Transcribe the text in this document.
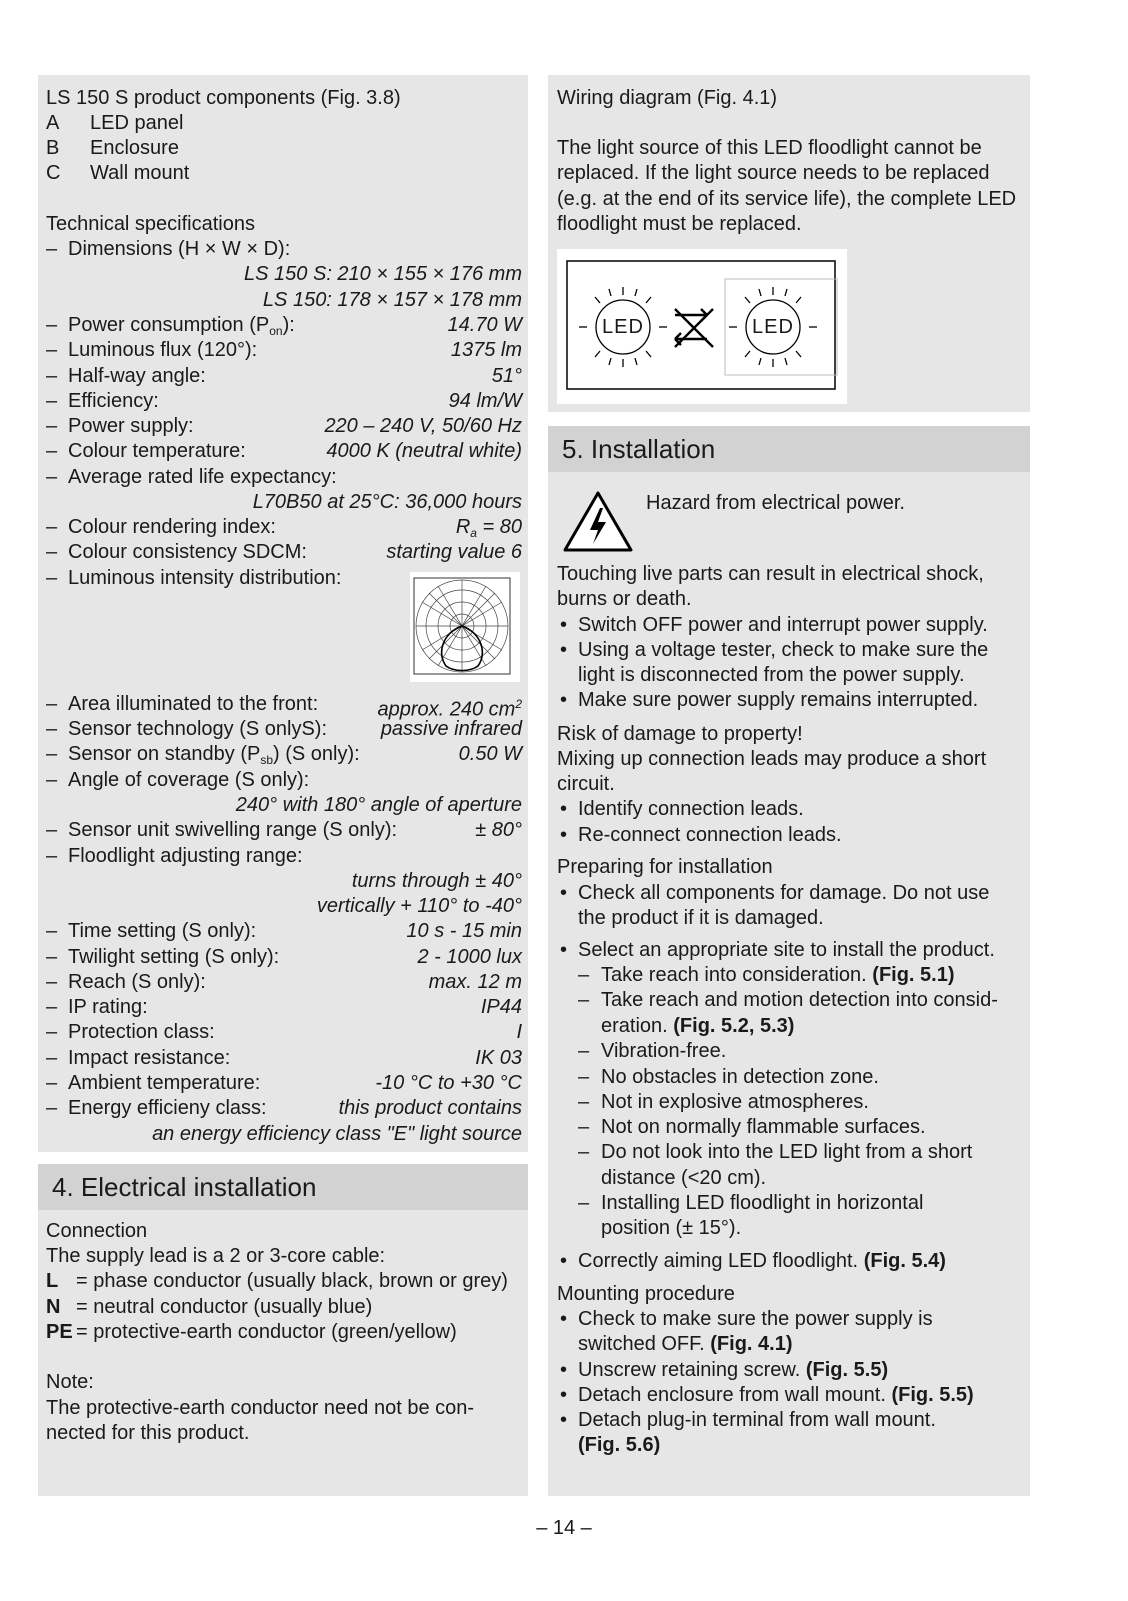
4. Electrical installation
LS 150 S product components (Fig. 3.8)
A LED panel
B Enclosure
C Wall mount
Technical specifications
– Dimensions (H × W × D):
LS 150 S: 210 × 155 × 176 mm
LS 150: 178 × 157 × 178 mm
– Power consumption $(P_{on})$:	14.70 W
– Luminous flux (120°):	1375 lm
– Half-way angle:	51°
– Efficiency:	94 lm/W
– Power supply:	220 – 240 V, 50/60 Hz
– Colour temperature:	4000 K (neutral white)
– Average rated life expectancy:
L70B50 at 25°C: 36,000 hours
– Colour rendering index:	$R_a = 80$
– Colour consistency SDCM:	starting value 6
– Luminous intensity distribution:
– Area illuminated to the front:	approx. 240 $cm^2$
– Sensor technology (S onlyS):	passive infrared
– Sensor on standby $(P_{sb})$ (S only):	0.50 W
– Angle of coverage (S only):
240° with 180° angle of aperture
– Sensor unit swivelling range (S only):	± 80°
– Floodlight adjusting range:
turns through ± 40°
vertically + 110° to -40°
– Time setting (S only):	10 s - 15 min
– Twilight setting (S only):	2 - 1000 lux
– Reach (S only):	max. 12 m
– IP rating:	IP44
– Protection class:	I
– Impact resistance:	IK 03
– Ambient temperature:	-10 °C to +30 °C
– Energy efficieny class:	this product contains
an energy efficiency class "E" light source
Connection
The supply lead is a 2 or 3-core cable:
L = phase conductor (usually black, brown or grey)
N = neutral conductor (usually blue)
PE = protective-earth conductor (green/yellow)
Note:
The protective-earth conductor need not be con-
nected for this product.
5. Installation
Wiring diagram (Fig. 4.1)
The light source of this LED floodlight cannot be
replaced. If the light source needs to be replaced
(e.g. at the end of its service life), the complete LED
floodlight must be replaced.
LED	LED
Hazard from electrical power.
Touching live parts can result in electrical shock,
burns or death.
• Switch OFF power and interrupt power supply.
• Using a voltage tester, check to make sure the
light is disconnected from the power supply.
• Make sure power supply remains interrupted.
Risk of damage to property!
Mixing up connection leads may produce a short
circuit.
• Identify connection leads.
• Re-connect connection leads.
Preparing for installation
• Check all components for damage. Do not use
the product if it is damaged.
• Select an appropriate site to install the product.
– Take reach into consideration. (Fig. 5.1)
– Take reach and motion detection into consid-
eration. (Fig. 5.2, 5.3)
– Vibration-free.
– No obstacles in detection zone.
– Not in explosive atmospheres.
– Not on normally flammable surfaces.
– Do not look into the LED light from a short
distance (<20 cm).
– Installing LED floodlight in horizontal
position (± 15°).
• Correctly aiming LED floodlight. (Fig. 5.4)
Mounting procedure
• Check to make sure the power supply is
switched OFF. (Fig. 4.1)
• Unscrew retaining screw. (Fig. 5.5)
• Detach enclosure from wall mount. (Fig. 5.5)
• Detach plug-in terminal from wall mount.
(Fig. 5.6)
– 14 –
